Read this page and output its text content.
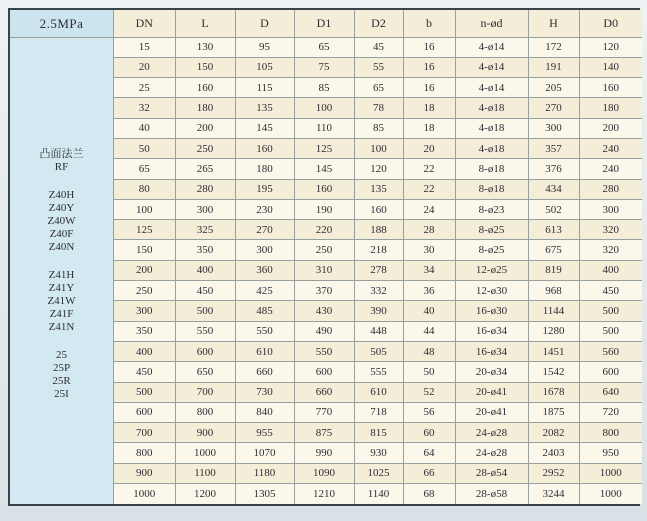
2.5MPa
凸面法兰
RF
Z40H
Z40Y
Z40W
Z40F
Z40N
Z41H
Z41Y
Z41W
Z41F
Z41N
25
25P
25R
25I
DN	L	D	D1	D2	b	n-ød	H	D0
15	130	95	65	45	16	4-ø14	172	120
20	150	105	75	55	16	4-ø14	191	140
25	160	115	85	65	16	4-ø14	205	160
32	180	135	100	78	18	4-ø18	270	180
40	200	145	110	85	18	4-ø18	300	200
50	250	160	125	100	20	4-ø18	357	240
65	265	180	145	120	22	8-ø18	376	240
80	280	195	160	135	22	8-ø18	434	280
100	300	230	190	160	24	8-ø23	502	300
125	325	270	220	188	28	8-ø25	613	320
150	350	300	250	218	30	8-ø25	675	320
200	400	360	310	278	34	12-ø25	819	400
250	450	425	370	332	36	12-ø30	968	450
300	500	485	430	390	40	16-ø30	1144	500
350	550	550	490	448	44	16-ø34	1280	500
400	600	610	550	505	48	16-ø34	1451	560
450	650	660	600	555	50	20-ø34	1542	600
500	700	730	660	610	52	20-ø41	1678	640
600	800	840	770	718	56	20-ø41	1875	720
700	900	955	875	815	60	24-ø28	2082	800
800	1000	1070	990	930	64	24-ø28	2403	950
900	1100	1180	1090	1025	66	28-ø54	2952	1000
1000	1200	1305	1210	1140	68	28-ø58	3244	1000
